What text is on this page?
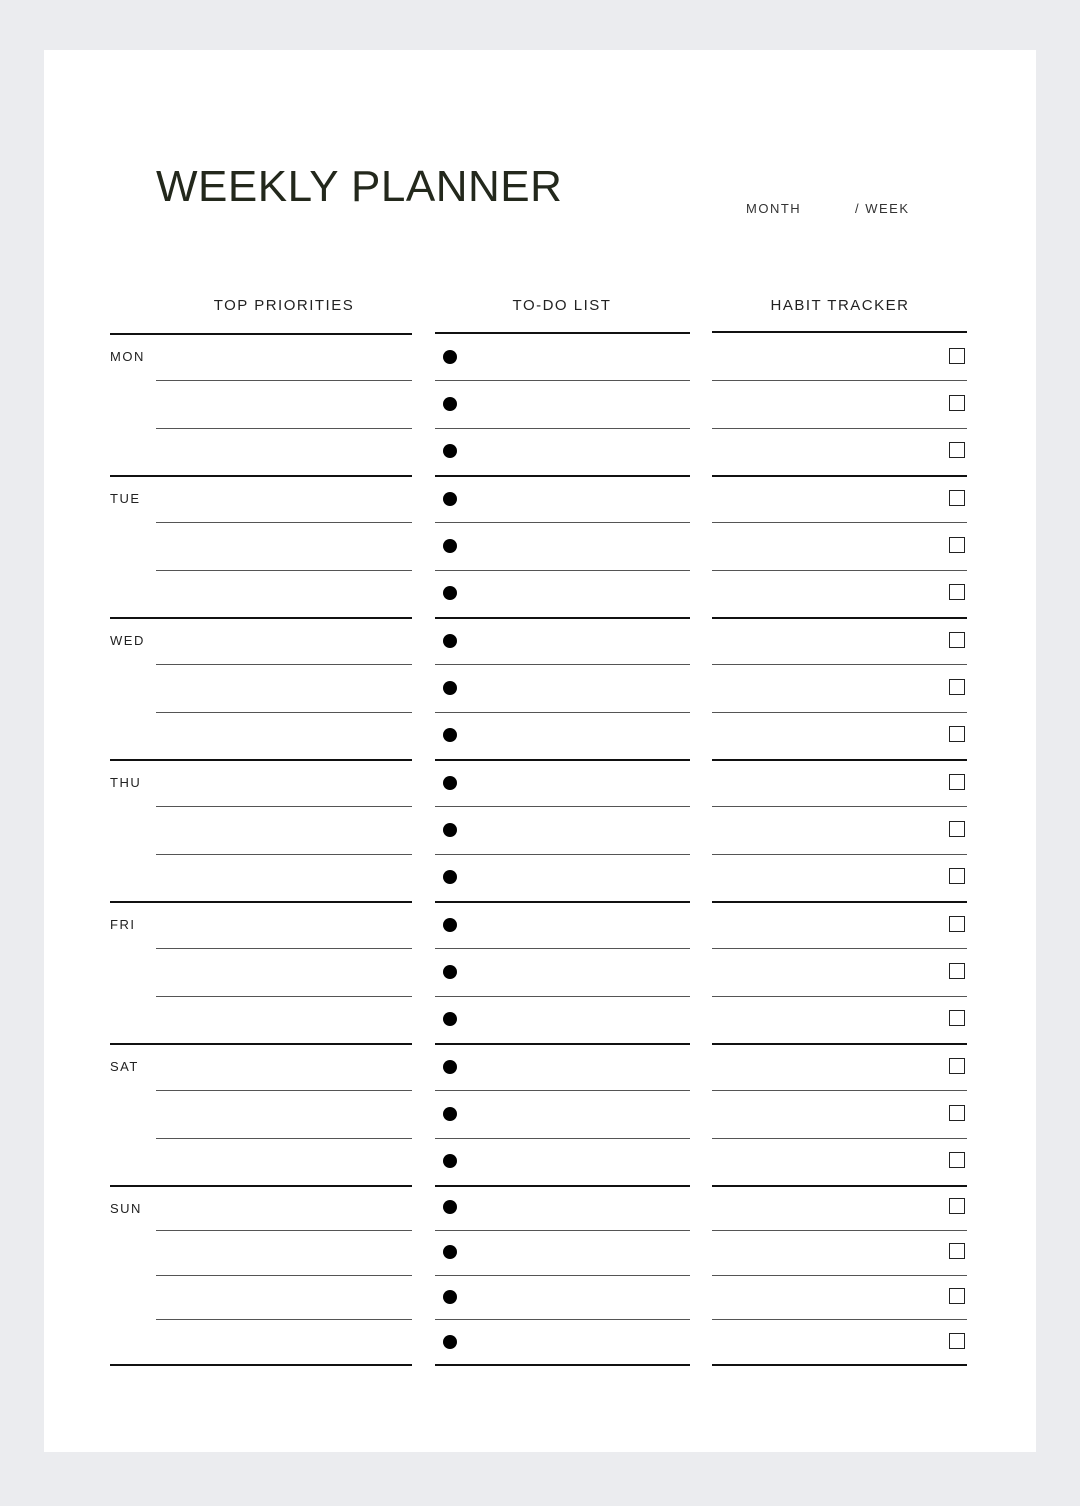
WEEKLY PLANNER	MONTH	/ WEEK
TOP PRIORITIES	TO-DO LIST	HABIT TRACKER
MON
TUE
WED
THU
FRI
SAT
SUN
